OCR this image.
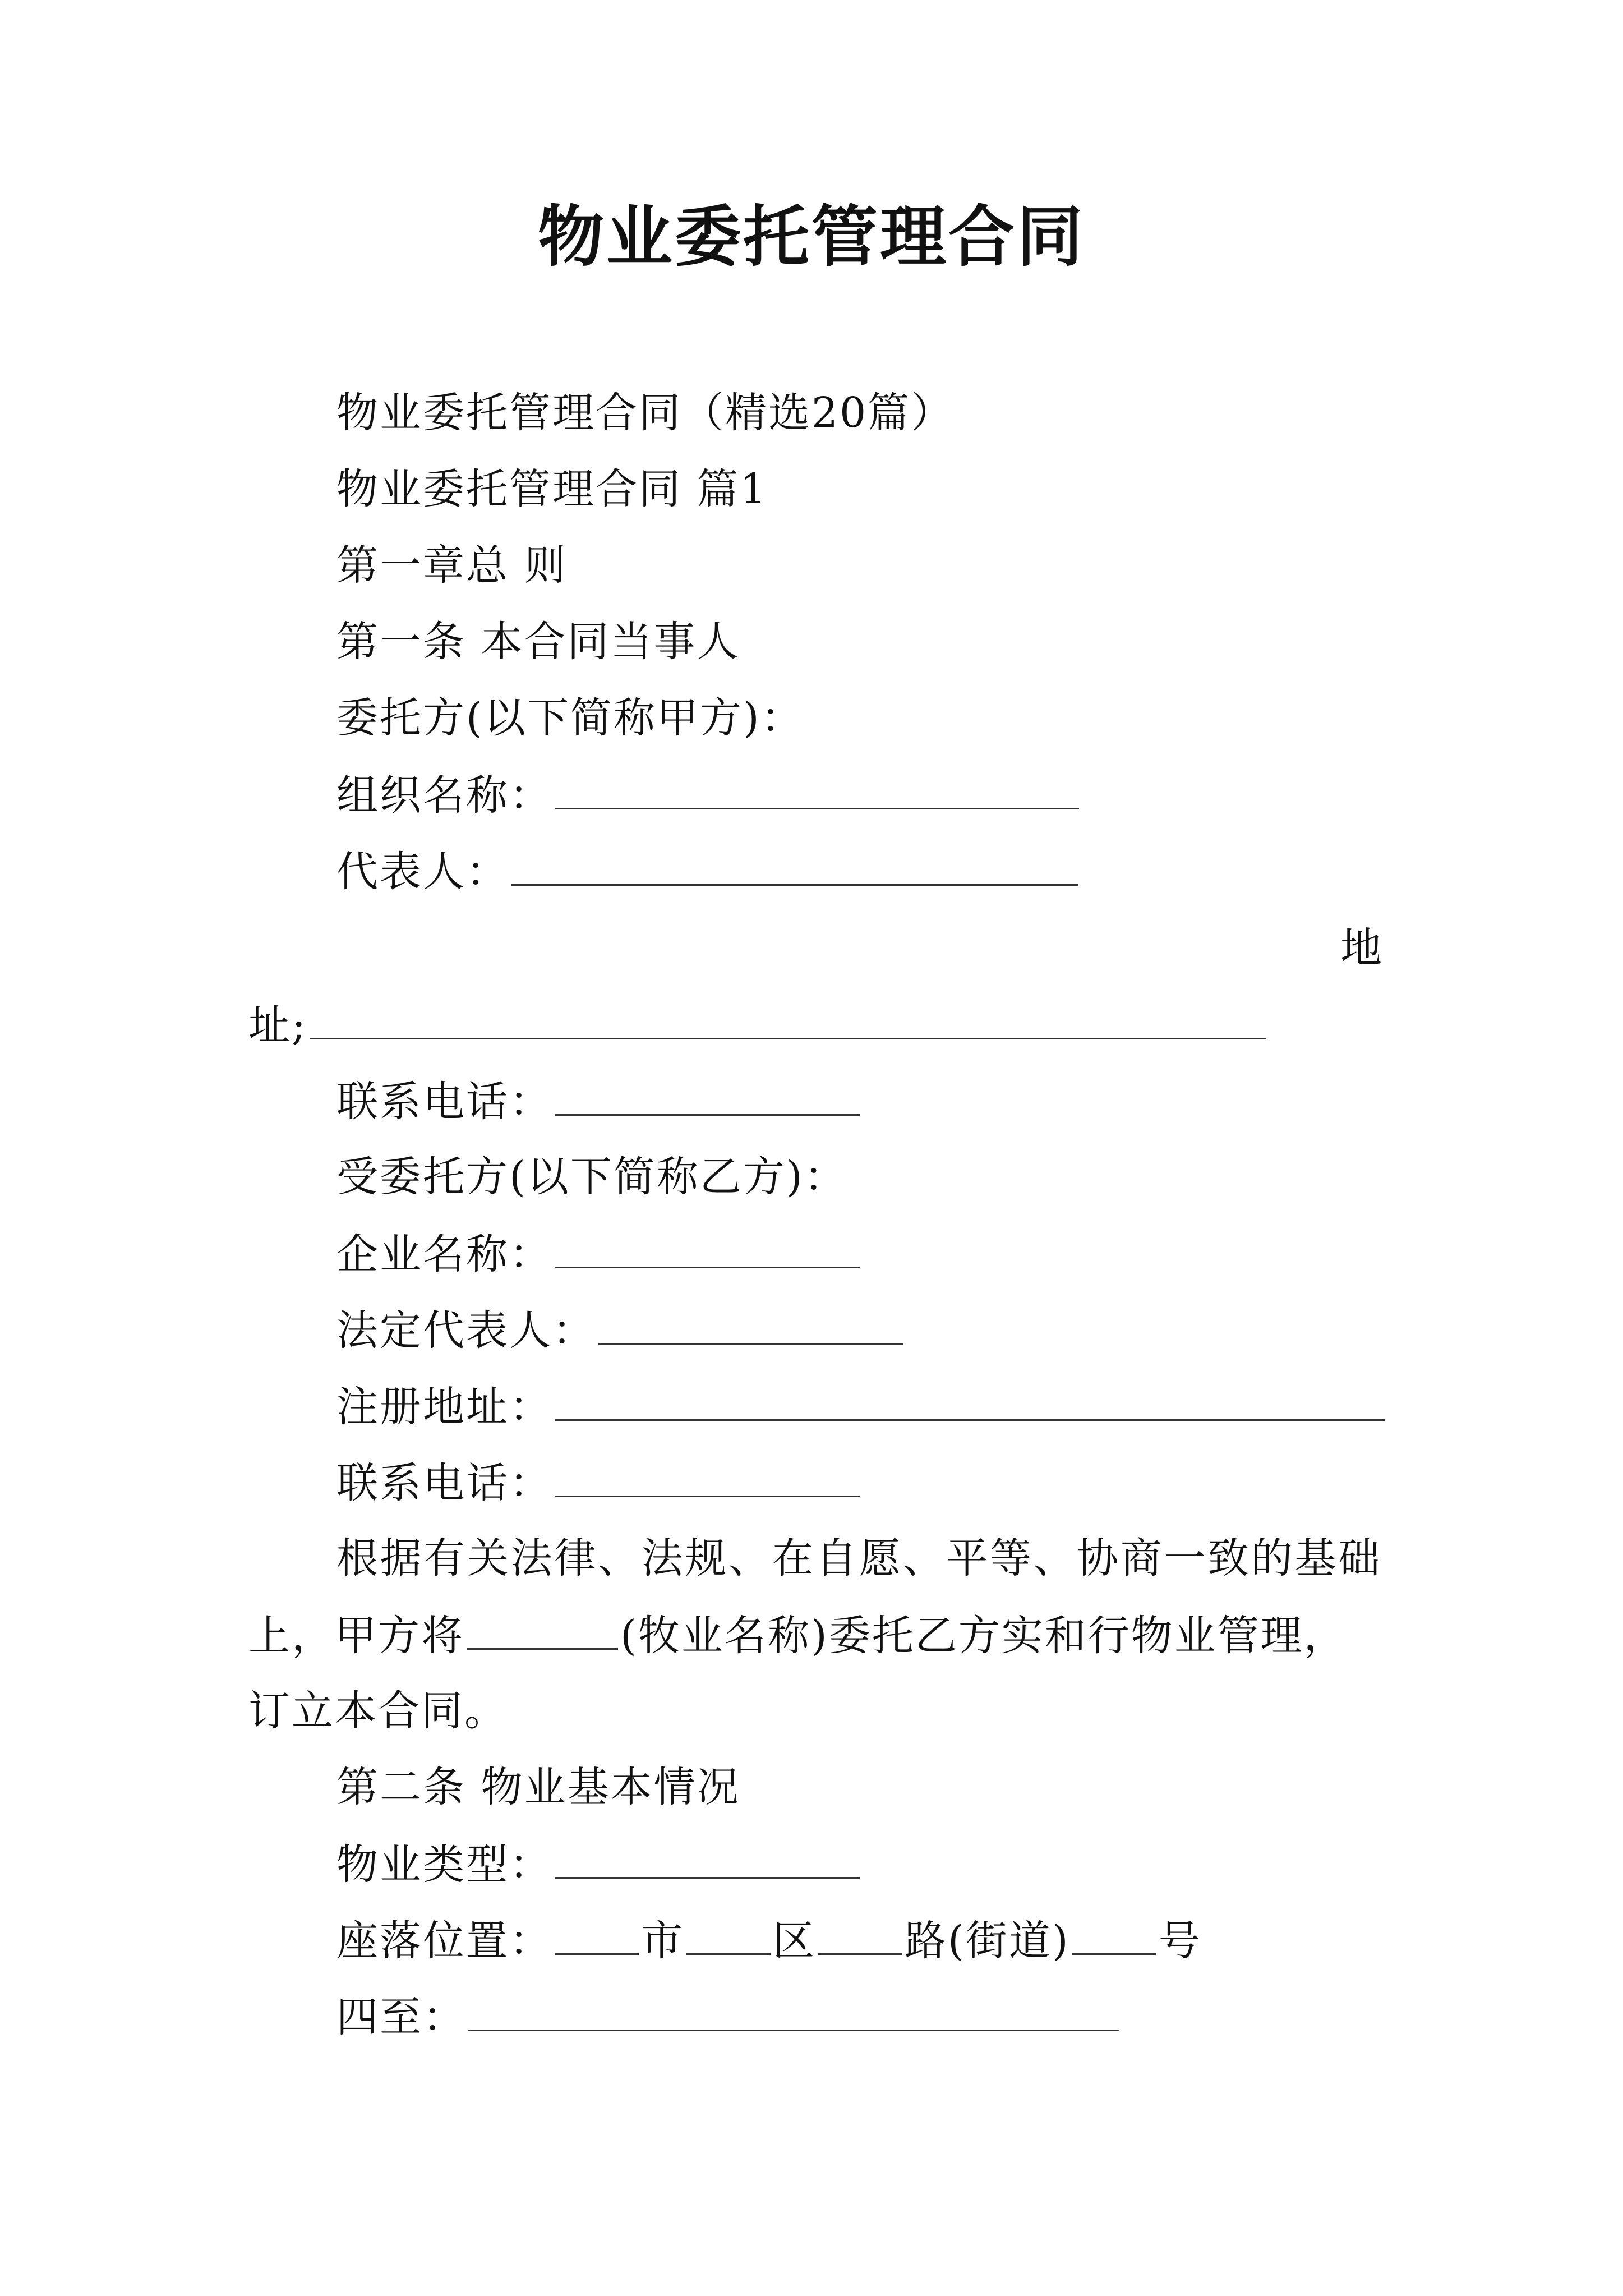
物业委托管理合同
物业委托管理合同（精选20篇）
物业委托管理合同 篇1
第一章总 则
第一条 本合同当事人
委托方(以下简称甲方)：
组织名称：
代表人：
地
址;
联系电话：
受委托方(以下简称乙方)：
企业名称：
法定代表人：
注册地址：
联系电话：
根据有关法律、法规、在自愿、平等、协商一致的基础
上，甲方将	(牧业名称)委托乙方实和行物业管理，
订立本合同。
第二条 物业基本情况
物业类型：
座落位置： 市 区 路(街道) 号
四至：
